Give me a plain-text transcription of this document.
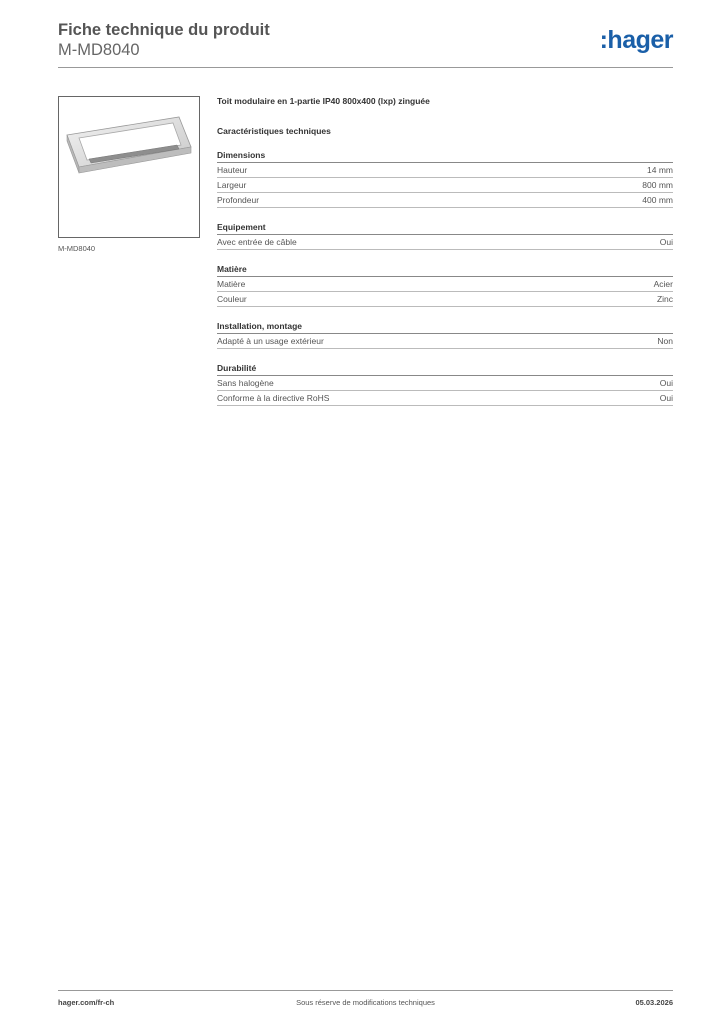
Fiche technique du produit

M-MD8040	:hager
M-MD8040

Toit modulaire en 1-partie IP40 800x400 (lxp) zinguée

Caractéristiques techniques

Dimensions
Hauteur	14 mm
Largeur	800 mm
Profondeur	400 mm
Equipement
Avec entrée de câble	Oui
Matière
Matière	Acier
Couleur	Zinc
Installation, montage
Adapté à un usage extérieur	Non
Durabilité
Sans halogène	Oui
Conforme à la directive RoHS	Oui
hager.com/fr-ch	Sous réserve de modifications techniques	05.03.2026
